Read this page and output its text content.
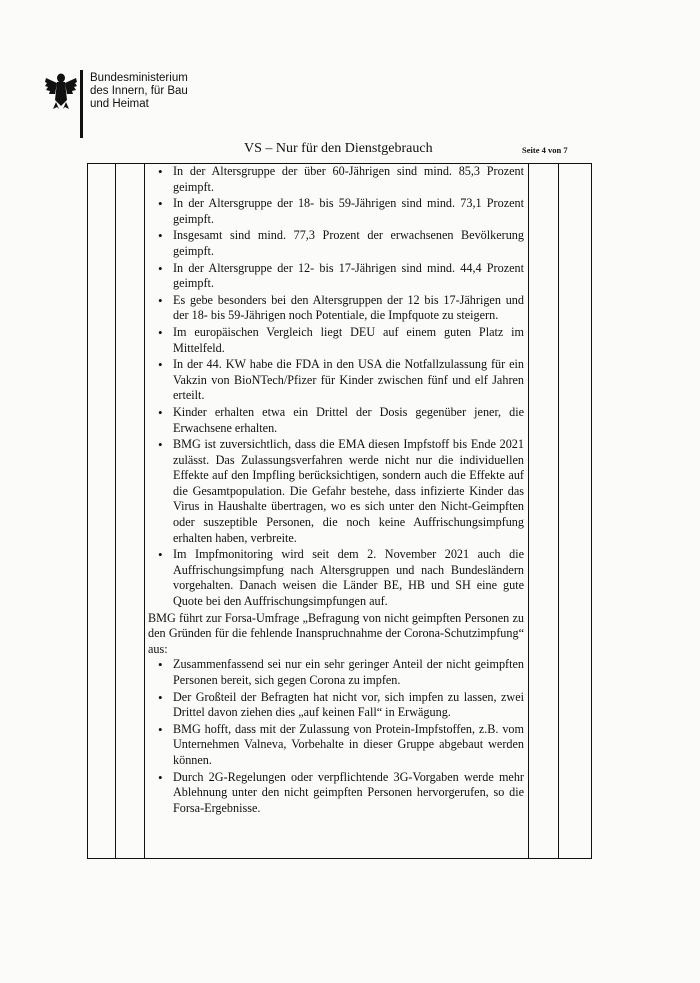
Bundesministerium
des Innern, für Bau
und Heimat
VS – Nur für den Dienstgebrauch	Seite 4 von 7
• In der Altersgruppe der über 60-Jährigen sind mind. 85,3 Prozent geimpft.
• In der Altersgruppe der 18- bis 59-Jährigen sind mind. 73,1 Prozent geimpft.
• Insgesamt sind mind. 77,3 Prozent der erwachsenen Bevölkerung geimpft.
• In der Altersgruppe der 12- bis 17-Jährigen sind mind. 44,4 Prozent geimpft.
• Es gebe besonders bei den Altersgruppen der 12 bis 17-Jährigen und der 18- bis 59-Jährigen noch Potentiale, die Impfquote zu steigern.
• Im europäischen Vergleich liegt DEU auf einem guten Platz im Mittelfeld.
• In der 44. KW habe die FDA in den USA die Notfallzulassung für ein Vakzin von BioNTech/Pfizer für Kinder zwischen fünf und elf Jahren erteilt.
• Kinder erhalten etwa ein Drittel der Dosis gegenüber jener, die Erwachsene erhalten.
• BMG ist zuversichtlich, dass die EMA diesen Impfstoff bis Ende 2021 zulässt. Das Zulassungsverfahren werde nicht nur die individuellen Effekte auf den Impfling berücksichtigen, sondern auch die Effekte auf die Gesamtpopulation. Die Gefahr bestehe, dass infizierte Kinder das Virus in Haushalte übertragen, wo es sich unter den Nicht-Geimpften oder suszeptible Personen, die noch keine Auffrischungsimpfung erhalten haben, verbreite.
• Im Impfmonitoring wird seit dem 2. November 2021 auch die Auffrischungsimpfung nach Altersgruppen und nach Bundesländern vorgehalten. Danach weisen die Länder BE, HB und SH eine gute Quote bei den Auffrischungsimpfungen auf.

BMG führt zur Forsa-Umfrage „Befragung von nicht geimpften Personen zu den Gründen für die fehlende Inanspruchnahme der Corona-Schutzimpfung“ aus:

• Zusammenfassend sei nur ein sehr geringer Anteil der nicht geimpften Personen bereit, sich gegen Corona zu impfen.
• Der Großteil der Befragten hat nicht vor, sich impfen zu lassen, zwei Drittel davon ziehen dies „auf keinen Fall“ in Erwägung.
• BMG hofft, dass mit der Zulassung von Protein-Impfstoffen, z.B. vom Unternehmen Valneva, Vorbehalte in dieser Gruppe abgebaut werden können.
• Durch 2G-Regelungen oder verpflichtende 3G-Vorgaben werde mehr Ablehnung unter den nicht geimpften Personen hervorgerufen, so die Forsa-Ergebnisse.
